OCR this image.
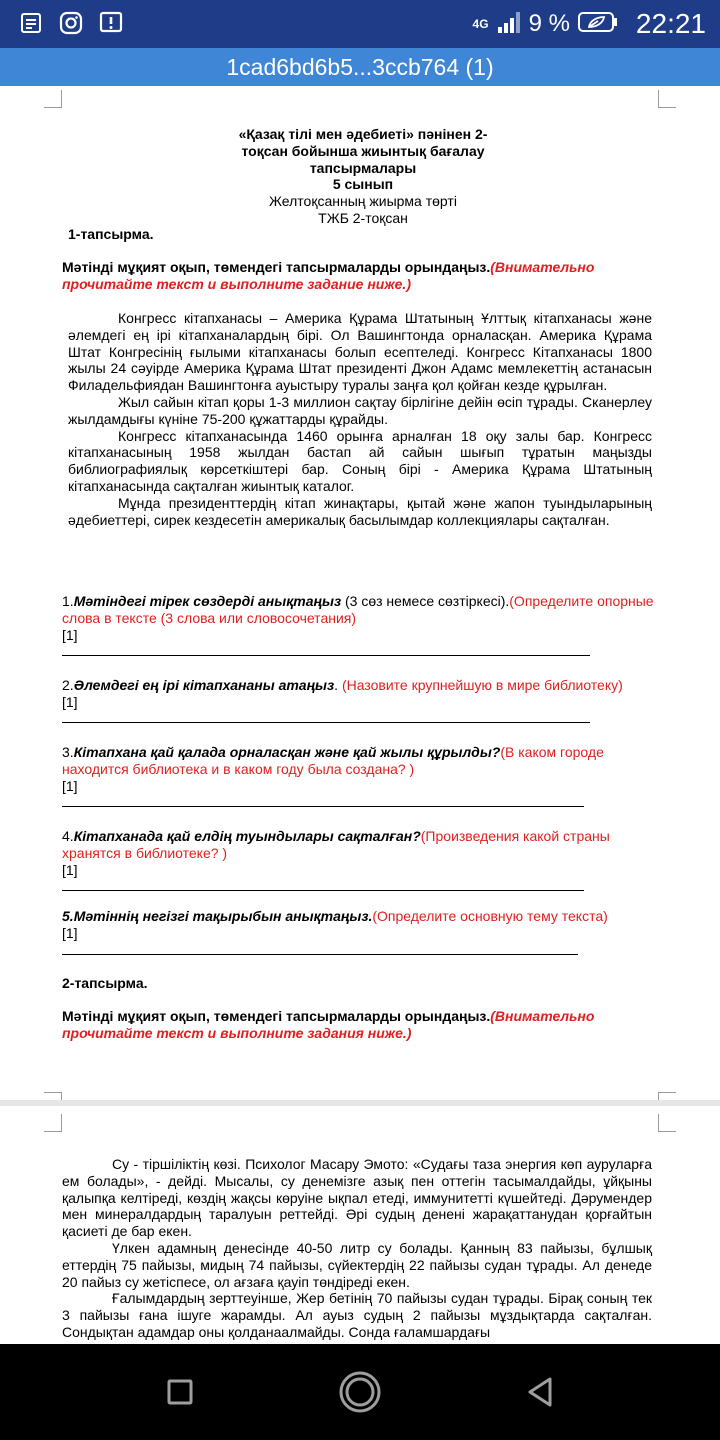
4G 9 % 22:21
1cad6bd6b5...3ccb764 (1)
«Қазақ тілі мен әдебиеті» пәнінен 2-
тоқсан бойынша жиынтық бағалау
тапсырмалары
5 сынып
Желтоқсанның жиырма төрті
ТЖБ 2-тоқсан
1-тапсырма.
Мәтінді мұқият оқып, төмендегі тапсырмаларды орындаңыз.(Внимательно прочитайте текст и выполните задание ниже.)

Конгресс кітапханасы – Америка Құрама Штатының Ұлттық кітапханасы және әлемдегі ең ірі кітапханалардың бірі. Ол Вашингтонда орналасқан. Америка Құрама Штат Конгресінің ғылыми кітапханасы болып есептеледі. Конгресс Кітапханасы 1800 жылы 24 сәуірде Америка Құрама Штат президенті Джон Адамс мемлекеттің астанасын Филадельфиядан Вашингтонға ауыстыру туралы заңға қол қойған кезде құрылған.

Жыл сайын кітап қоры 1-3 миллион сақтау бірлігіне дейін өсіп тұрады. Сканерлеу жылдамдығы күніне 75-200 құжаттарды құрайды.

Конгресс кітапханасында 1460 орынға арналған 18 оқу залы бар. Конгресс кітапханасының 1958 жылдан бастап ай сайын шығып тұратын маңызды библиографиялық көрсеткіштері бар. Соның бірі - Америка Құрама Штатының кітапханасында сақталған жиынтық каталог.

Мұнда президенттердің кітап жинақтары, қытай және жапон туындыларының әдебиеттері, сирек кездесетін америкалық басылымдар коллекциялары сақталған.

1.Мәтіндегі тірек сөздерді анықтаңыз (3 сөз немесе сөзтіркесі).(Определите опорные слова в тексте (3 слова или словосочетания)
[1]
2.Әлемдегі ең ірі кітапхананы атаңыз. (Назовите крупнейшую в мире библиотеку)
[1]
3.Кітапхана қай қалада орналасқан және қай жылы құрылды?(В каком городе находится библиотека и в каком году была создана? )
[1]
4.Кітапханада қай елдің туындылары сақталған?(Произведения какой страны хранятся в библиотеке? )
[1]
5.Мәтіннің негізгі тақырыбын анықтаңыз.(Определите основную тему текста)
[1]
2-тапсырма.
Мәтінді мұқият оқып, төмендегі тапсырмаларды орындаңыз.(Внимательно прочитайте текст и выполните задания ниже.)

Су - тіршіліктің көзі. Психолог Масару Эмото: «Судағы таза энергия көп ауруларға ем болады», - дейді. Мысалы, су денемізге азық пен оттегін тасымалдайды, ұйқыны қалыпқа келтіреді, көздің жақсы көруіне ықпал етеді, иммунитетті күшейтеді. Дәрумендер мен минералдардың таралуын реттейді. Әрі судың денені жарақаттанудан қорғайтын қасиеті де бар екен.

Үлкен адамның денесінде 40-50 литр су болады. Қанның 83 пайызы, бұлшық еттердің 75 пайызы, мидың 74 пайызы, сүйектердің 22 пайызы судан тұрады. Ал денеде 20 пайыз су жетіспесе, ол ағзаға қауіп төндіреді екен.

Ғалымдардың зерттеуінше, Жер бетінің 70 пайызы судан тұрады. Бірақ соның тек 3 пайызы ғана ішуге жарамды. Ал ауыз судың 2 пайызы мұздықтарда сақталған. Сондықтан адамдар оны қолданаалмайды. Сонда ғаламшардағы
